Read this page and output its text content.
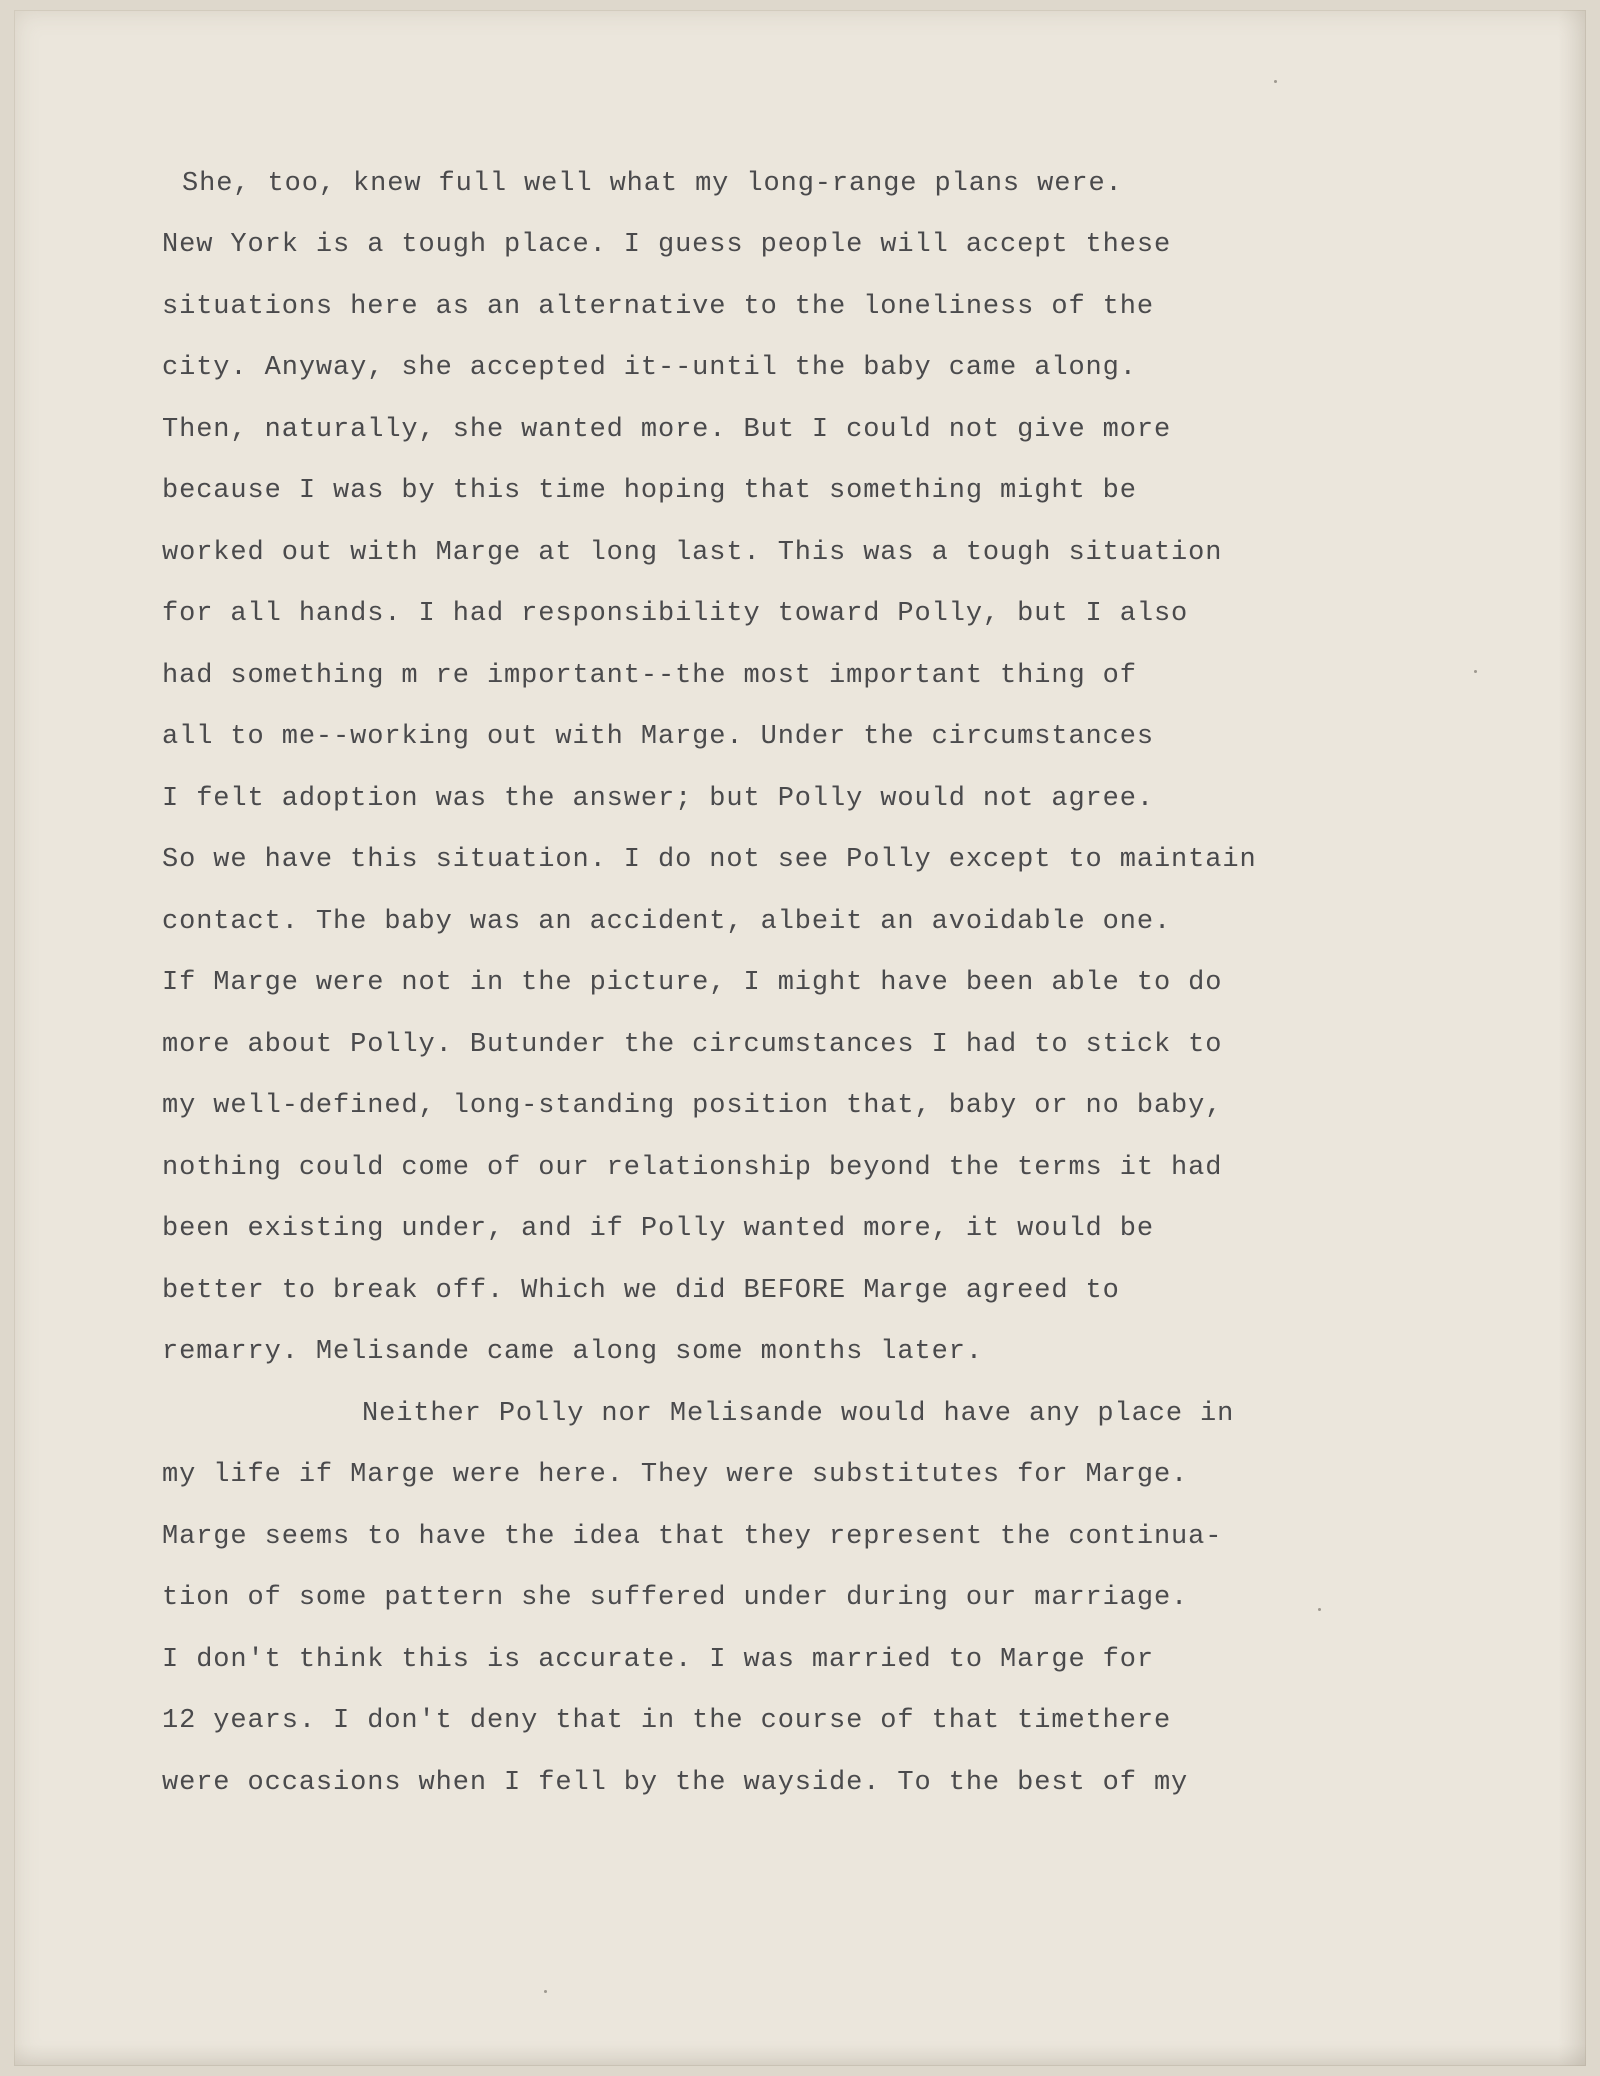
She, too, knew full well what my long-range plans were.

New York is a tough place. I guess people will accept these

situations here as an alternative to the loneliness of the

city. Anyway, she accepted it--until the baby came along.

Then, naturally, she wanted more. But I could not give more

because I was by this time hoping that something might be

worked out with Marge at long last. This was a tough situation

for all hands. I had responsibility toward Polly, but I also

had something m re important--the most important thing of

all to me--working out with Marge. Under the circumstances

I felt adoption was the answer; but Polly would not agree.

So we have this situation. I do not see Polly except to maintain

contact. The baby was an accident, albeit an avoidable one.

If Marge were not in the picture, I might have been able to do

more about Polly. Butunder the circumstances I had to stick to

my well-defined, long-standing position that, baby or no baby,

nothing could come of our relationship beyond the terms it had

been existing under, and if Polly wanted more, it would be

better to break off. Which we did BEFORE Marge agreed to

remarry. Melisande came along some months later.

Neither Polly nor Melisande would have any place in

my life if Marge were here. They were substitutes for Marge.

Marge seems to have the idea that they represent the continua-

tion of some pattern she suffered under during our marriage.

I don't think this is accurate. I was married to Marge for

12 years. I don't deny that in the course of that timethere

were occasions when I fell by the wayside. To the best of my
